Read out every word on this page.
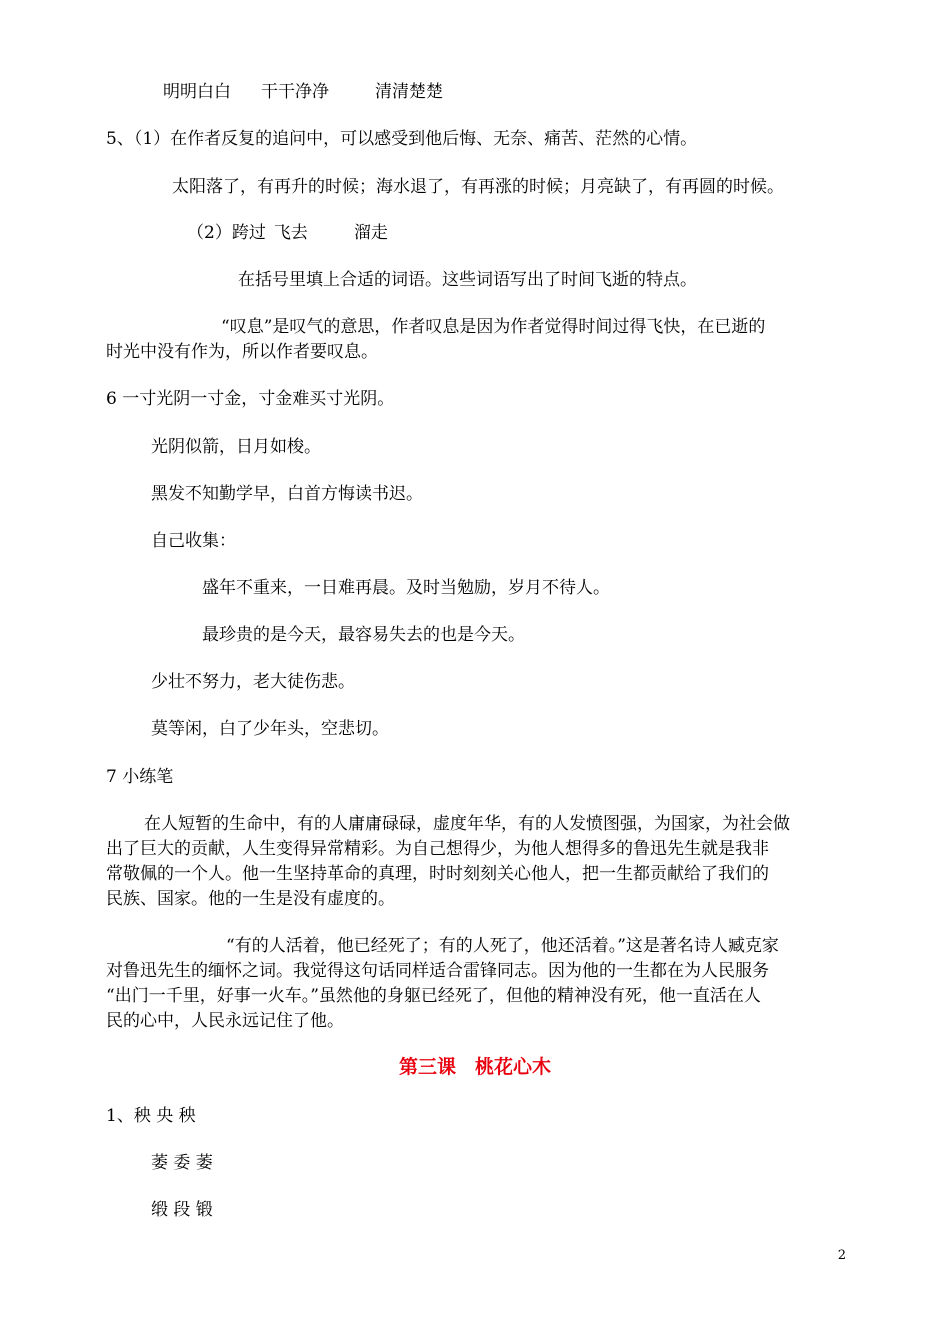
明明白白 干干净净	清清楚楚
5、（1）在作者反复的追问中，可以感受到他后悔、无奈、痛苦、茫然的心情。
太阳落了，有再升的时候；海水退了，有再涨的时候；月亮缺了，有再圆的时候。
（2）跨过 飞去	溜走
在括号里填上合适的词语。这些词语写出了时间飞逝的特点。
“叹息”是叹气的意思，作者叹息是因为作者觉得时间过得飞快，在已逝的
时光中没有作为，所以作者要叹息。
6 一寸光阴一寸金，寸金难买寸光阴。
光阴似箭，日月如梭。
黑发不知勤学早，白首方悔读书迟。
自己收集：
盛年不重来，一日难再晨。及时当勉励，岁月不待人。
最珍贵的是今天，最容易失去的也是今天。
少壮不努力，老大徒伤悲。
莫等闲，白了少年头，空悲切。
7 小练笔
在人短暂的生命中，有的人庸庸碌碌，虚度年华，有的人发愤图强，为国家，为社会做
出了巨大的贡献，人生变得异常精彩。为自己想得少，为他人想得多的鲁迅先生就是我非
常敬佩的一个人。他一生坚持革命的真理，时时刻刻关心他人，把一生都贡献给了我们的
民族、国家。他的一生是没有虚度的。
“有的人活着，他已经死了；有的人死了，他还活着。”这是著名诗人臧克家
对鲁迅先生的缅怀之词。我觉得这句话同样适合雷锋同志。因为他的一生都在为人民服务
“出门一千里，好事一火车。”虽然他的身躯已经死了，但他的精神没有死，他一直活在人
民的心中，人民永远记住了他。
第三课　桃花心木
1、秧 央 秧
萎 委 萎
缎 段 锻
2
